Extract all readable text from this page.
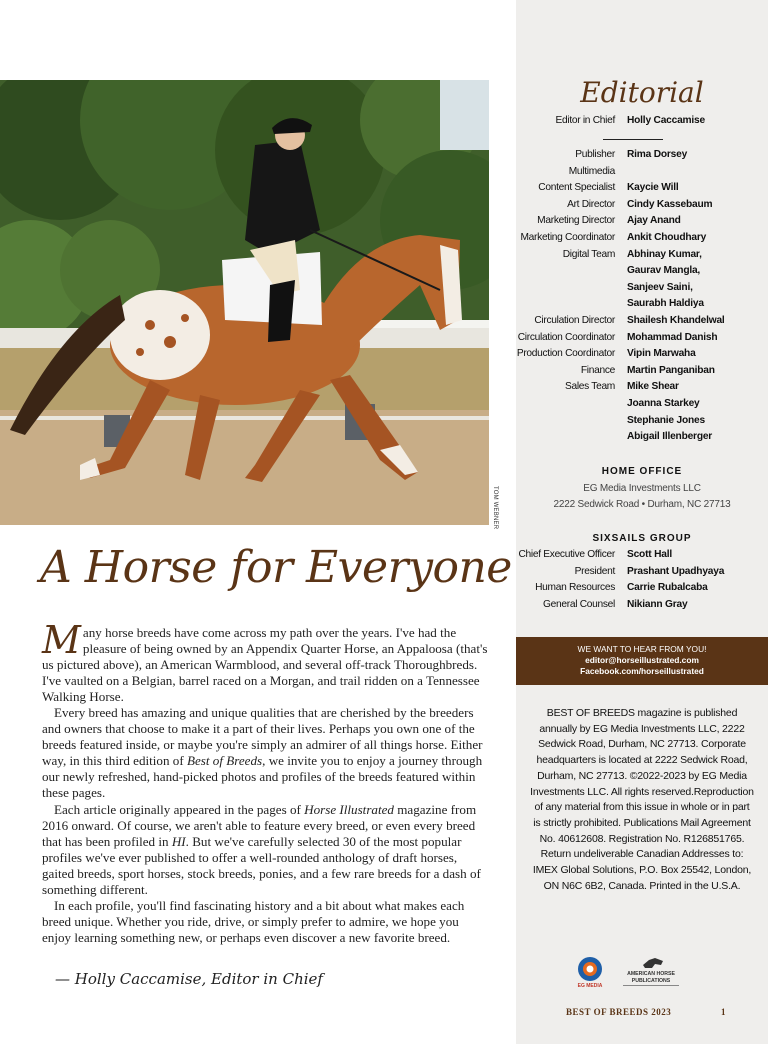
TOM WEBNER
A Horse for Everyone

Many horse breeds have come across my path over the years. I've had the pleasure of being owned by an Appendix Quarter Horse, an Appaloosa (that's us pictured above), an American Warmblood, and several off-track Thoroughbreds. I've vaulted on a Belgian, barrel raced on a Morgan, and trail ridden on a Tennessee Walking Horse.

Every breed has amazing and unique qualities that are cherished by the breeders and owners that choose to make it a part of their lives. Perhaps you own one of the breeds featured inside, or maybe you're simply an admirer of all things horse. Either way, in this third edition of Best of Breeds, we invite you to enjoy a journey through our newly refreshed, hand-picked photos and profiles of the breeds featured within these pages.

Each article originally appeared in the pages of Horse Illustrated magazine from 2016 onward. Of course, we aren't able to feature every breed, or even every breed that has been profiled in HI. But we've carefully selected 30 of the most popular profiles we've ever published to offer a well-rounded anthology of draft horses, gaited breeds, sport horses, stock breeds, ponies, and a few rare breeds for a dash of something different.

In each profile, you'll find fascinating history and a bit about what makes each breed unique. Whether you ride, drive, or simply prefer to admire, we hope you enjoy learning something new, or perhaps even discover a new favorite breed.

— Holly Caccamise, Editor in Chief
Editorial
Editor in Chief	Holly Caccamise
Publisher	Rima Dorsey
Multimedia
Content Specialist	Kaycie Will
Art Director	Cindy Kassebaum
Marketing Director	Ajay Anand
Marketing Coordinator	Ankit Choudhary
Digital Team	Abhinay Kumar,
Gaurav Mangla,
Sanjeev Saini,
Saurabh Haldiya
Circulation Director	Shailesh Khandelwal
Circulation Coordinator	Mohammad Danish
Production Coordinator	Vipin Marwaha
Finance	Martin Panganiban
Sales Team	Mike Shear
Joanna Starkey
Stephanie Jones
Abigail Illenberger
HOME OFFICE
EG Media Investments LLC
2222 Sedwick Road • Durham, NC 27713
SIXSAILS GROUP
Chief Executive Officer	Scott Hall
President	Prashant Upadhyaya
Human Resources	Carrie Rubalcaba
General Counsel	Nikiann Gray
WE WANT TO HEAR FROM YOU!
editor@horseillustrated.com
Facebook.com/horseillustrated
BEST OF BREEDS magazine is published annually by EG Media Investments LLC, 2222 Sedwick Road, Durham, NC 27713. Corporate headquarters is located at 2222 Sedwick Road, Durham, NC 27713. ©2022-2023 by EG Media Investments LLC. All rights reserved.Reproduction of any material from this issue in whole or in part is strictly prohibited. Publications Mail Agreement No. 40612608. Registration No. R126851765. Return undeliverable Canadian Addresses to: IMEX Global Solutions, P.O. Box 25542, London, ON N6C 6B2, Canada. Printed in the U.S.A.
BEST OF BREEDS 2023	1
EG MEDIA
AMERICAN HORSE
PUBLICATIONS
